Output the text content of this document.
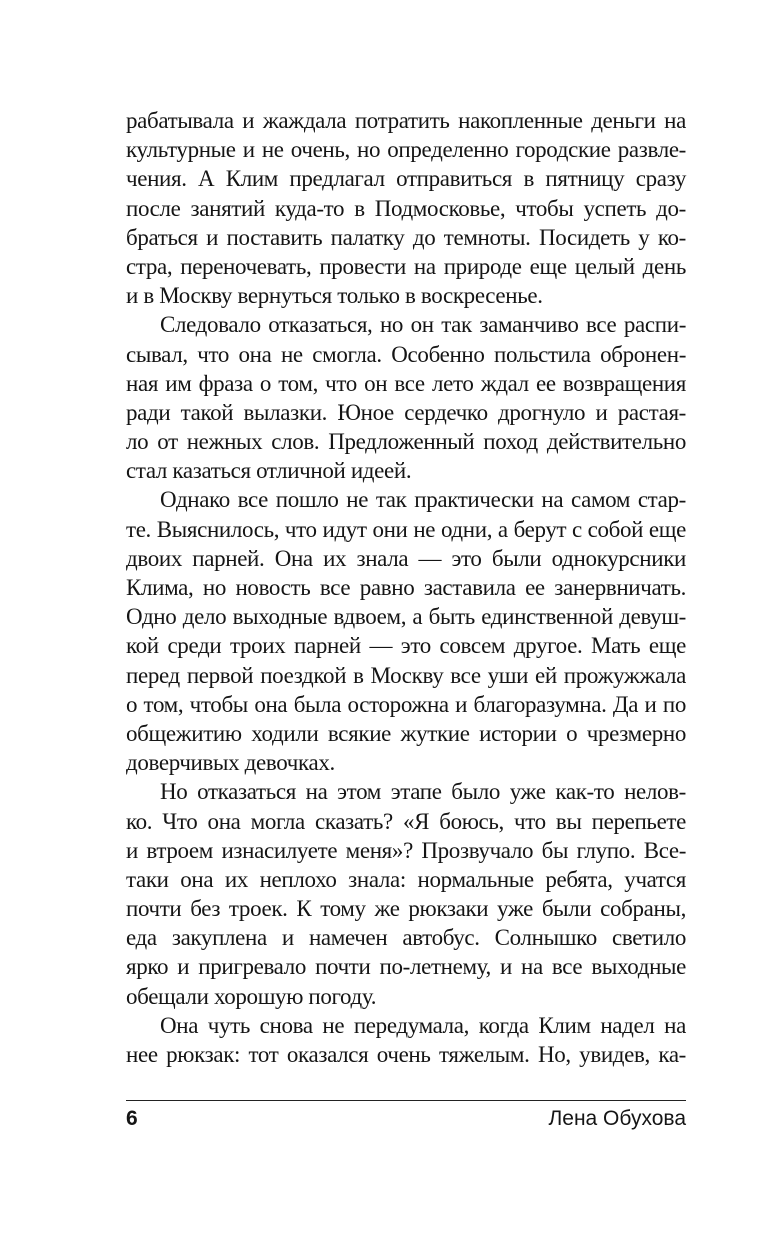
рабатывала и жаждала потратить накопленные деньги на
культурные и не очень, но определенно городские развле-
чения. А Клим предлагал отправиться в пятницу сразу
после занятий куда-то в Подмосковье, чтобы успеть до-
браться и поставить палатку до темноты. Посидеть у ко-
стра, переночевать, провести на природе еще целый день
и в Москву вернуться только в воскресенье.
Следовало отказаться, но он так заманчиво все распи-
сывал, что она не смогла. Особенно польстила обронен-
ная им фраза о том, что он все лето ждал ее возвращения
ради такой вылазки. Юное сердечко дрогнуло и растая-
ло от нежных слов. Предложенный поход действительно
стал казаться отличной идеей.
Однако все пошло не так практически на самом стар-
те. Выяснилось, что идут они не одни, а берут с собой еще
двоих парней. Она их знала — это были однокурсники
Клима, но новость все равно заставила ее занервничать.
Одно дело выходные вдвоем, а быть единственной девуш-
кой среди троих парней — это совсем другое. Мать еще
перед первой поездкой в Москву все уши ей прожужжала
о том, чтобы она была осторожна и благоразумна. Да и по
общежитию ходили всякие жуткие истории о чрезмерно
доверчивых девочках.
Но отказаться на этом этапе было уже как-то нелов-
ко. Что она могла сказать? «Я боюсь, что вы перепьете
и втроем изнасилуете меня»? Прозвучало бы глупо. Все-
таки она их неплохо знала: нормальные ребята, учатся
почти без троек. К тому же рюкзаки уже были собраны,
еда закуплена и намечен автобус. Солнышко светило
ярко и пригревало почти по-летнему, и на все выходные
обещали хорошую погоду.
Она чуть снова не передумала, когда Клим надел на
нее рюкзак: тот оказался очень тяжелым. Но, увидев, ка-
6	Лена Обухова
